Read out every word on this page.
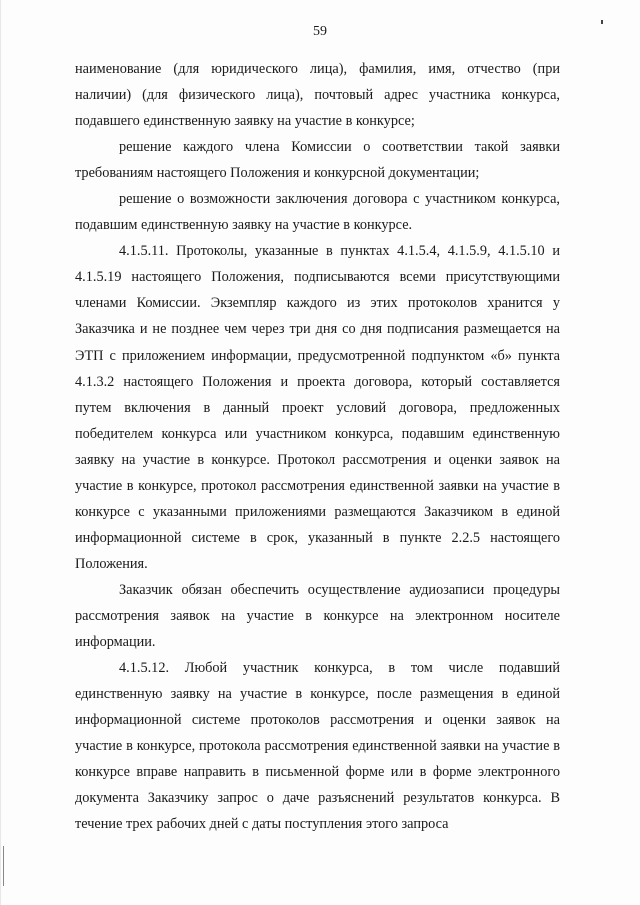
59

наименование (для юридического лица), фамилия, имя, отчество (при наличии) (для физического лица), почтовый адрес участника конкурса, подавшего единственную заявку на участие в конкурсе;

решение каждого члена Комиссии о соответствии такой заявки требованиям настоящего Положения и конкурсной документации;

решение о возможности заключения договора с участником конкурса, подавшим единственную заявку на участие в конкурсе.

4.1.5.11. Протоколы, указанные в пунктах 4.1.5.4, 4.1.5.9, 4.1.5.10 и 4.1.5.19 настоящего Положения, подписываются всеми присутствующими членами Комиссии. Экземпляр каждого из этих протоколов хранится у Заказчика и не позднее чем через три дня со дня подписания размещается на ЭТП с приложением информации, предусмотренной подпунктом «б» пункта 4.1.3.2 настоящего Положения и проекта договора, который составляется путем включения в данный проект условий договора, предложенных победителем конкурса или участником конкурса, подавшим единственную заявку на участие в конкурсе. Протокол рассмотрения и оценки заявок на участие в конкурсе, протокол рассмотрения единственной заявки на участие в конкурсе с указанными приложениями размещаются Заказчиком в единой информационной системе в срок, указанный в пункте 2.2.5 настоящего Положения.

Заказчик обязан обеспечить осуществление аудиозаписи процедуры рассмотрения заявок на участие в конкурсе на электронном носителе информации.

4.1.5.12. Любой участник конкурса, в том числе подавший единственную заявку на участие в конкурсе, после размещения в единой информационной системе протоколов рассмотрения и оценки заявок на участие в конкурсе, протокола рассмотрения единственной заявки на участие в конкурсе вправе направить в письменной форме или в форме электронного документа Заказчику запрос о даче разъяснений результатов конкурса. В течение трех рабочих дней с даты поступления этого запроса
